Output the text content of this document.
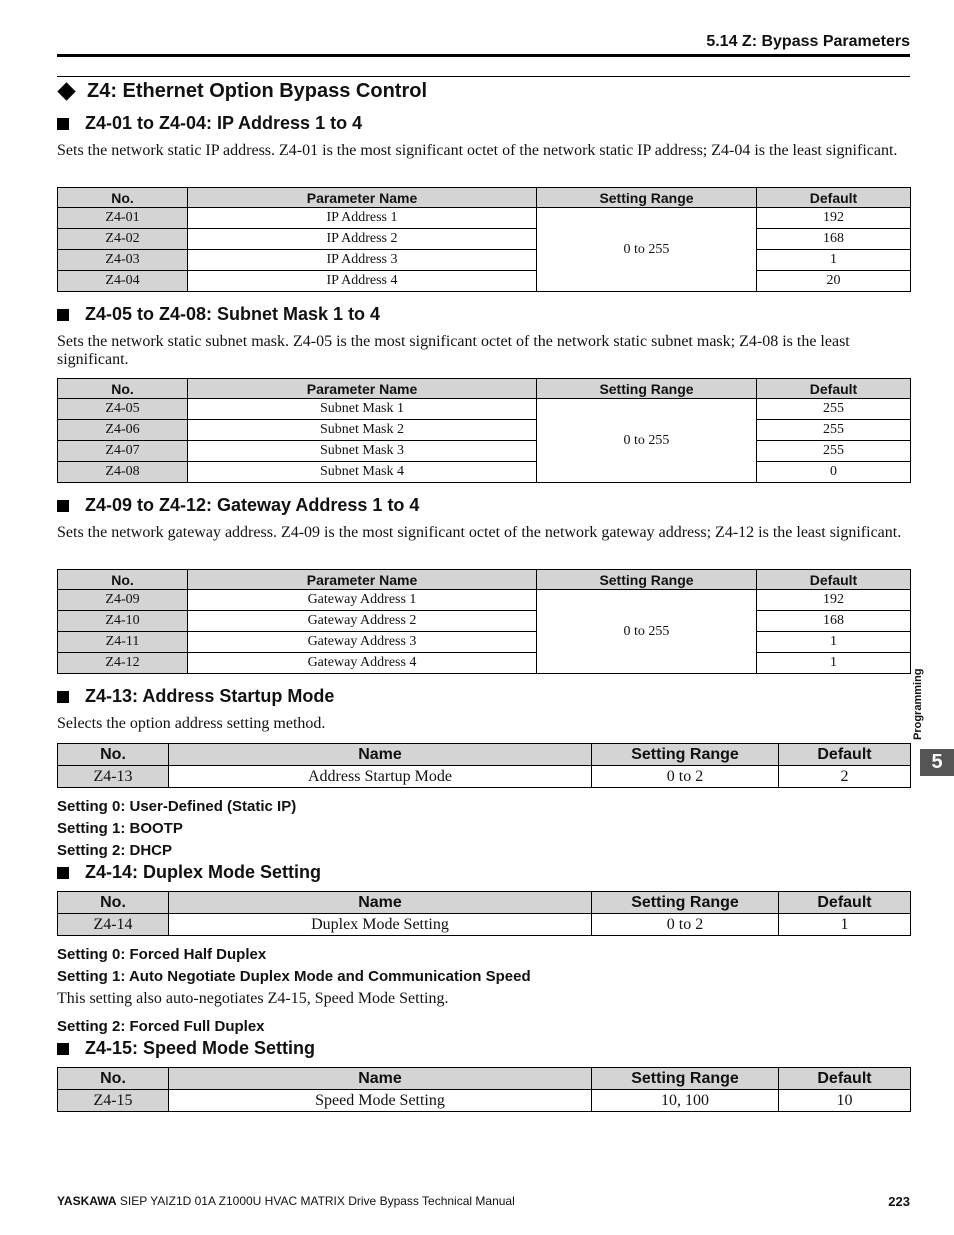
5.14 Z: Bypass Parameters
Z4: Ethernet Option Bypass Control
Z4-01 to Z4-04: IP Address 1 to 4
Sets the network static IP address. Z4-01 is the most significant octet of the network static IP address; Z4-04 is the least significant.
No.	Parameter Name	Setting Range	Default
Z4-01	IP Address 1	0 to 255	192
Z4-02	IP Address 2		168
Z4-03	IP Address 3		1
Z4-04	IP Address 4		20
Z4-05 to Z4-08: Subnet Mask 1 to 4
Sets the network static subnet mask. Z4-05 is the most significant octet of the network static subnet mask; Z4-08 is the least significant.
No.	Parameter Name	Setting Range	Default
Z4-05	Subnet Mask 1	0 to 255	255
Z4-06	Subnet Mask 2		255
Z4-07	Subnet Mask 3		255
Z4-08	Subnet Mask 4		0
Z4-09 to Z4-12: Gateway Address 1 to 4
Sets the network gateway address. Z4-09 is the most significant octet of the network gateway address; Z4-12 is the least significant.
No.	Parameter Name	Setting Range	Default
Z4-09	Gateway Address 1	0 to 255	192
Z4-10	Gateway Address 2		168
Z4-11	Gateway Address 3		1
Z4-12	Gateway Address 4		1
Z4-13: Address Startup Mode
Selects the option address setting method.
No.	Name	Setting Range	Default
Z4-13	Address Startup Mode	0 to 2	2
Setting 0: User-Defined (Static IP)
Setting 1: BOOTP
Setting 2: DHCP
Z4-14: Duplex Mode Setting
No.	Name	Setting Range	Default
Z4-14	Duplex Mode Setting	0 to 2	1
Setting 0: Forced Half Duplex
Setting 1: Auto Negotiate Duplex Mode and Communication Speed
This setting also auto-negotiates Z4-15, Speed Mode Setting.
Setting 2: Forced Full Duplex
Z4-15: Speed Mode Setting
No.	Name	Setting Range	Default
Z4-15	Speed Mode Setting	10, 100	10
Programming
5
YASKAWA SIEP YAIZ1D 01A Z1000U HVAC MATRIX Drive Bypass Technical Manual	223
